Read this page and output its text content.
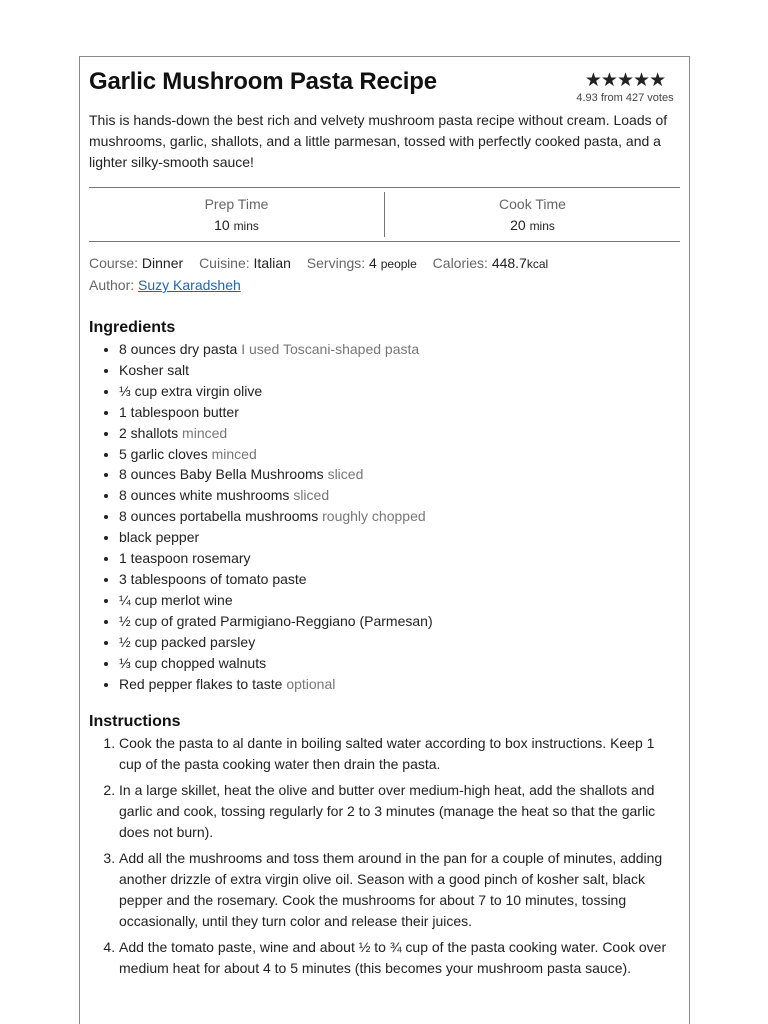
Garlic Mushroom Pasta Recipe	★★★★★
4.93 from 427 votes

This is hands-down the best rich and velvety mushroom pasta recipe without cream. Loads of mushrooms, garlic, shallots, and a little parmesan, tossed with perfectly cooked pasta, and a lighter silky-smooth sauce!

Prep Time
10 mins
Cook Time
20 mins
Course: Dinner Cuisine: Italian Servings: 4 people Calories: 448.7kcal
Author: Suzy Karadsheh
Ingredients
• 8 ounces dry pasta I used Toscani-shaped pasta
• Kosher salt
• ⅓ cup extra virgin olive
• 1 tablespoon butter
• 2 shallots minced
• 5 garlic cloves minced
• 8 ounces Baby Bella Mushrooms sliced
• 8 ounces white mushrooms sliced
• 8 ounces portabella mushrooms roughly chopped
• black pepper
• 1 teaspoon rosemary
• 3 tablespoons of tomato paste
• ¼ cup merlot wine
• ½ cup of grated Parmigiano-Reggiano (Parmesan)
• ½ cup packed parsley
• ⅓ cup chopped walnuts
• Red pepper flakes to taste optional
Instructions
1. Cook the pasta to al dante in boiling salted water according to box instructions. Keep 1 cup of the pasta cooking water then drain the pasta.
2. In a large skillet, heat the olive and butter over medium-high heat, add the shallots and garlic and cook, tossing regularly for 2 to 3 minutes (manage the heat so that the garlic does not burn).
3. Add all the mushrooms and toss them around in the pan for a couple of minutes, adding another drizzle of extra virgin olive oil. Season with a good pinch of kosher salt, black pepper and the rosemary. Cook the mushrooms for about 7 to 10 minutes, tossing occasionally, until they turn color and release their juices.
4. Add the tomato paste, wine and about ½ to ¾ cup of the pasta cooking water. Cook over medium heat for about 4 to 5 minutes (this becomes your mushroom pasta sauce).
